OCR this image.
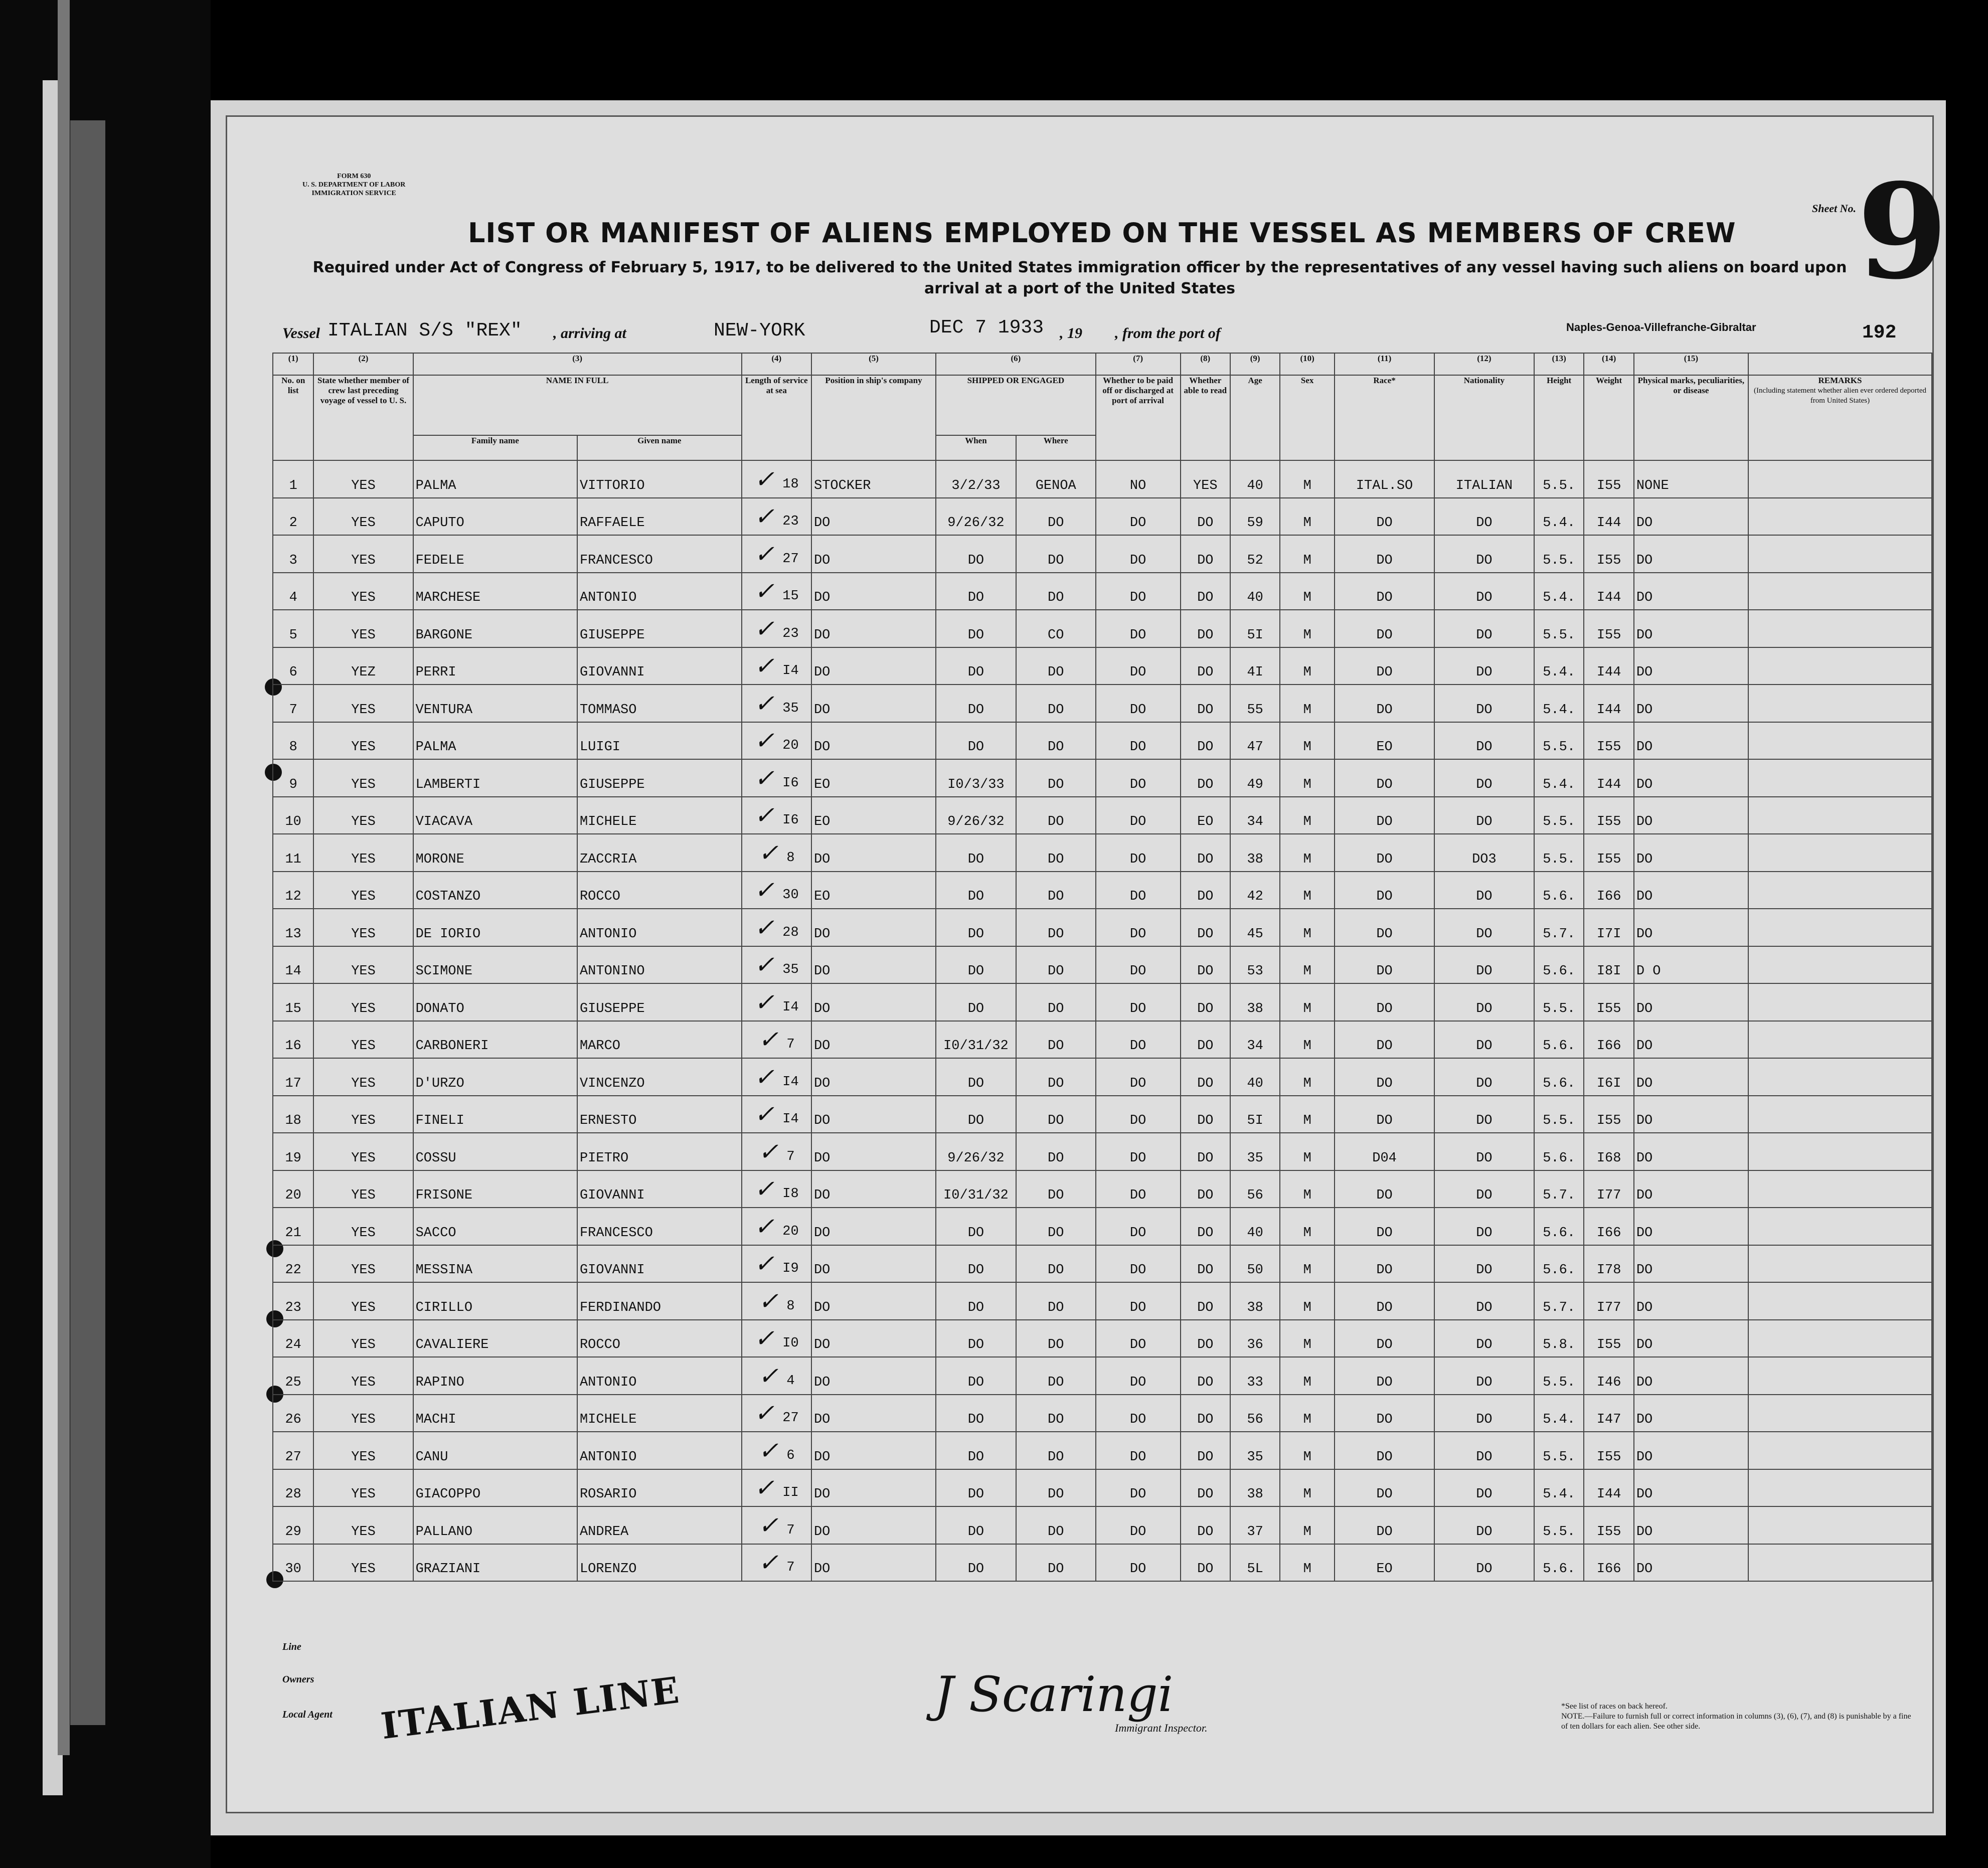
FORM 630
U. S. DEPARTMENT OF LABOR
IMMIGRATION SERVICE
Sheet No. 9
LIST OR MANIFEST OF ALIENS EMPLOYED ON THE VESSEL AS MEMBERS OF CREW
Required under Act of Congress of February 5, 1917, to be delivered to the United States immigration officer by the representatives of any vessel having such aliens on board upon arrival at a port of the United States
Vessel ITALIAN S/S "REX" , arriving at	NEW-YORK	DEC 7 1933 , 19 , from the port of	Naples-Genoa-Villefranche-Gibraltar	192
(1)	(2)	(3)		(4)	(5)	(6)		(7)	(8)	(9)	(10)	(11)	(12)	(13)	(14)	(15)	
No. on list	State whether member of crew last preceding voyage of vessel to U. S.	NAME IN FULL		Length of service at sea	Position in ship's company	SHIPPED OR ENGAGED		Whether to be paid off or discharged at port of arrival	Whether able to read	Age	Sex	Race*	Nationality	Height	Weight	Physical marks, peculiarities, or disease	REMARKS
(Including statement whether alien ever ordered deported from United States)

		Family name	Given name			When	Where										
1	YES	PALMA	VITTORIO	✓ 18	STOCKER	3/2/33	GENOA	NO	YES	40	M	ITAL.SO	ITALIAN	5.5.	I55	NONE	
2	YES	CAPUTO	RAFFAELE	✓ 23	DO	9/26/32	DO	DO	DO	59	M	DO	DO	5.4.	I44	DO	
3	YES	FEDELE	FRANCESCO	✓ 27	DO	DO	DO	DO	DO	52	M	DO	DO	5.5.	I55	DO	
4	YES	MARCHESE	ANTONIO	✓ 15	DO	DO	DO	DO	DO	40	M	DO	DO	5.4.	I44	DO	
5	YES	BARGONE	GIUSEPPE	✓ 23	DO	DO	CO	DO	DO	5I	M	DO	DO	5.5.	I55	DO	
6	YEZ	PERRI	GIOVANNI	✓ I4	DO	DO	DO	DO	DO	4I	M	DO	DO	5.4.	I44	DO	
7	YES	VENTURA	TOMMASO	✓ 35	DO	DO	DO	DO	DO	55	M	DO	DO	5.4.	I44	DO	
8	YES	PALMA	LUIGI	✓ 20	DO	DO	DO	DO	DO	47	M	EO	DO	5.5.	I55	DO	
9	YES	LAMBERTI	GIUSEPPE	✓ I6	EO	I0/3/33	DO	DO	DO	49	M	DO	DO	5.4.	I44	DO	
10	YES	VIACAVA	MICHELE	✓ I6	EO	9/26/32	DO	DO	EO	34	M	DO	DO	5.5.	I55	DO	
11	YES	MORONE	ZACCRIA	✓ 8	DO	DO	DO	DO	DO	38	M	DO	DO3	5.5.	I55	DO	
12	YES	COSTANZO	ROCCO	✓ 30	EO	DO	DO	DO	DO	42	M	DO	DO	5.6.	I66	DO	
13	YES	DE IORIO	ANTONIO	✓ 28	DO	DO	DO	DO	DO	45	M	DO	DO	5.7.	I7I	DO	
14	YES	SCIMONE	ANTONINO	✓ 35	DO	DO	DO	DO	DO	53	M	DO	DO	5.6.	I8I	D O	
15	YES	DONATO	GIUSEPPE	✓ I4	DO	DO	DO	DO	DO	38	M	DO	DO	5.5.	I55	DO	
16	YES	CARBONERI	MARCO	✓ 7	DO	I0/31/32	DO	DO	DO	34	M	DO	DO	5.6.	I66	DO	
17	YES	D'URZO	VINCENZO	✓ I4	DO	DO	DO	DO	DO	40	M	DO	DO	5.6.	I6I	DO	
18	YES	FINELI	ERNESTO	✓ I4	DO	DO	DO	DO	DO	5I	M	DO	DO	5.5.	I55	DO	
19	YES	COSSU	PIETRO	✓ 7	DO	9/26/32	DO	DO	DO	35	M	D04	DO	5.6.	I68	DO	
20	YES	FRISONE	GIOVANNI	✓ I8	DO	I0/31/32	DO	DO	DO	56	M	DO	DO	5.7.	I77	DO	
21	YES	SACCO	FRANCESCO	✓ 20	DO	DO	DO	DO	DO	40	M	DO	DO	5.6.	I66	DO	
22	YES	MESSINA	GIOVANNI	✓ I9	DO	DO	DO	DO	DO	50	M	DO	DO	5.6.	I78	DO	
23	YES	CIRILLO	FERDINANDO	✓ 8	DO	DO	DO	DO	DO	38	M	DO	DO	5.7.	I77	DO	
24	YES	CAVALIERE	ROCCO	✓ I0	DO	DO	DO	DO	DO	36	M	DO	DO	5.8.	I55	DO	
25	YES	RAPINO	ANTONIO	✓ 4	DO	DO	DO	DO	DO	33	M	DO	DO	5.5.	I46	DO	
26	YES	MACHI	MICHELE	✓ 27	DO	DO	DO	DO	DO	56	M	DO	DO	5.4.	I47	DO	
27	YES	CANU	ANTONIO	✓ 6	DO	DO	DO	DO	DO	35	M	DO	DO	5.5.	I55	DO	
28	YES	GIACOPPO	ROSARIO	✓ II	DO	DO	DO	DO	DO	38	M	DO	DO	5.4.	I44	DO	
29	YES	PALLANO	ANDREA	✓ 7	DO	DO	DO	DO	DO	37	M	DO	DO	5.5.	I55	DO	
30	YES	GRAZIANI	LORENZO	✓ 7	DO	DO	DO	DO	DO	5L	M	EO	DO	5.6.	I66	DO	
Line
Owners
Local Agent ITALIAN LINE	J Scaringi
Immigrant Inspector.
*See list of races on back hereof.
NOTE.—Failure to furnish full or correct information in columns (3), (6), (7), and (8) is punishable by a fine of ten dollars for each alien. See other side.
